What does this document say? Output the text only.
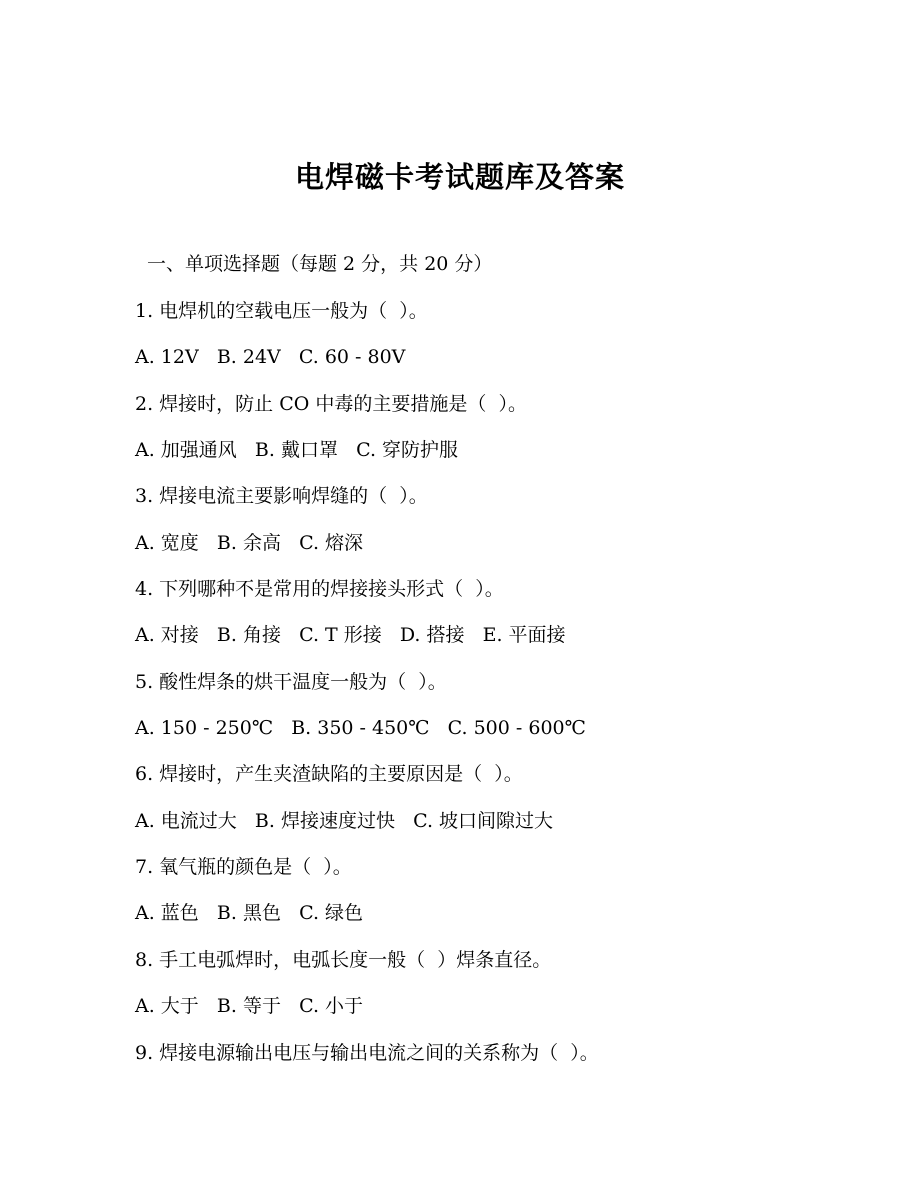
电焊磁卡考试题库及答案
一、单项选择题（每题 2 分，共 20 分）
1. 电焊机的空载电压一般为（  ）。
A. 12V   B. 24V   C. 60 - 80V
2. 焊接时，防止 CO 中毒的主要措施是（  ）。
A. 加强通风   B. 戴口罩   C. 穿防护服
3. 焊接电流主要影响焊缝的（  ）。
A. 宽度   B. 余高   C. 熔深
4. 下列哪种不是常用的焊接接头形式（  ）。
A. 对接   B. 角接   C. T 形接   D. 搭接   E. 平面接
5. 酸性焊条的烘干温度一般为（  ）。
A. 150 - 250℃   B. 350 - 450℃   C. 500 - 600℃
6. 焊接时，产生夹渣缺陷的主要原因是（  ）。
A. 电流过大   B. 焊接速度过快   C. 坡口间隙过大
7. 氧气瓶的颜色是（  ）。
A. 蓝色   B. 黑色   C. 绿色
8. 手工电弧焊时，电弧长度一般（  ）焊条直径。
A. 大于   B. 等于   C. 小于
9. 焊接电源输出电压与输出电流之间的关系称为（  ）。
